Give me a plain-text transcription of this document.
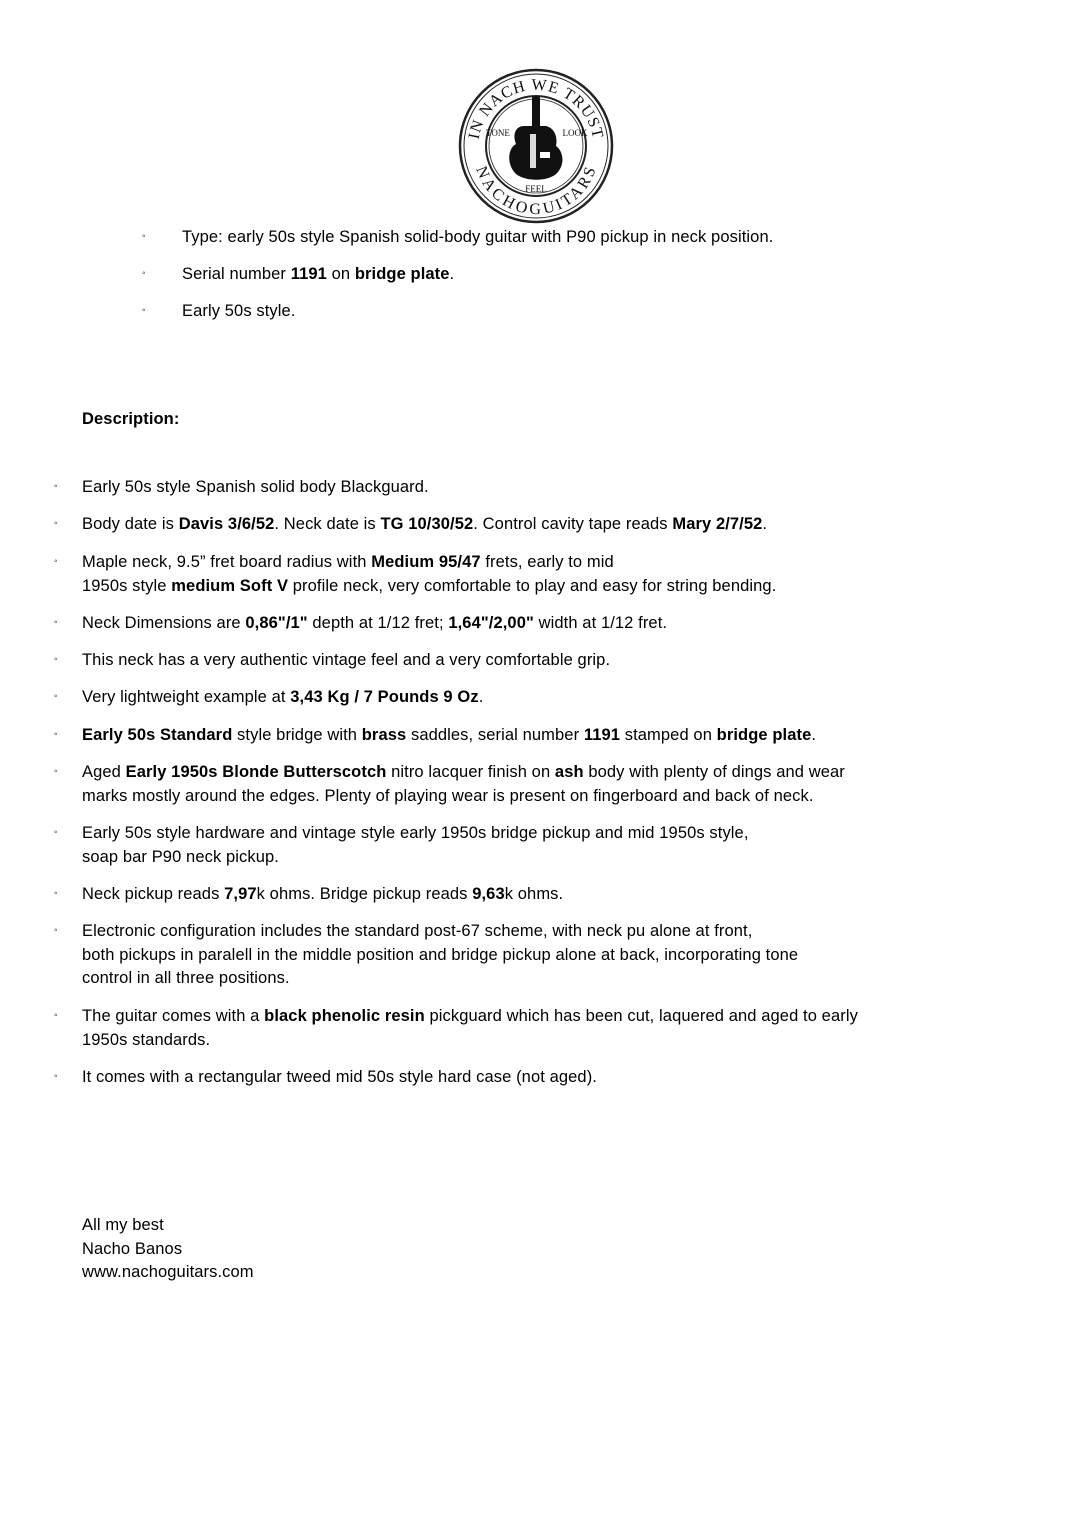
IN NACH WE TRUST
NACHOGUITARS
TONE	LOOK
FEEL
◦ Type: early 50s style Spanish solid-body guitar with P90 pickup in neck position.
◦ Serial number 1191 on bridge plate.
◦ Early 50s style.
Description:
◦ Early 50s style Spanish solid body Blackguard.
◦ Body date is Davis 3/6/52. Neck date is TG 10/30/52. Control cavity tape reads Mary 2/7/52.
◦ Maple neck, 9.5” fret board radius with Medium 95/47 frets, early to mid
1950s style medium Soft V profile neck, very comfortable to play and easy for string bending.
◦ Neck Dimensions are 0,86"/1" depth at 1/12 fret; 1,64"/2,00" width at 1/12 fret.
◦ This neck has a very authentic vintage feel and a very comfortable grip.
◦ Very lightweight example at 3,43 Kg / 7 Pounds 9 Oz.
◦ Early 50s Standard style bridge with brass saddles, serial number 1191 stamped on bridge plate.
◦ Aged Early 1950s Blonde Butterscotch nitro lacquer finish on ash body with plenty of dings and wear
marks mostly around the edges. Plenty of playing wear is present on fingerboard and back of neck.
◦ Early 50s style hardware and vintage style early 1950s bridge pickup and mid 1950s style,
soap bar P90 neck pickup.
◦ Neck pickup reads 7,97k ohms. Bridge pickup reads 9,63k ohms.
◦ Electronic configuration includes the standard post-67 scheme, with neck pu alone at front,
both pickups in paralell in the middle position and bridge pickup alone at back, incorporating tone
control in all three positions.
◦ The guitar comes with a black phenolic resin pickguard which has been cut, laquered and aged to early
1950s standards.
◦ It comes with a rectangular tweed mid 50s style hard case (not aged).
All my best
Nacho Banos
www.nachoguitars.com
